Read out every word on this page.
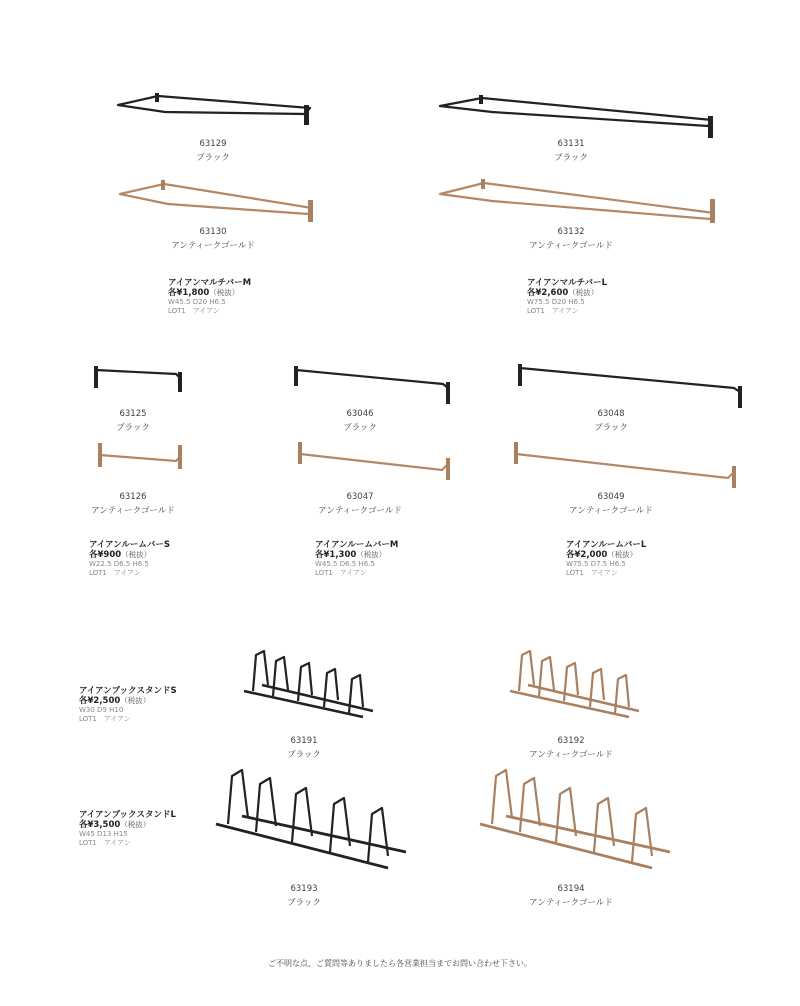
63129
ブラック
63131
ブラック
63130
アンティークゴールド
63132
アンティークゴールド
アイアンマルチバーM
各¥1,800（税抜）
W45.5 D20 H6.5
LOT1　アイアン
アイアンマルチバーL
各¥2,600（税抜）
W75.5 D20 H6.5
LOT1　アイアン
63125
ブラック
63046
ブラック
63048
ブラック
63126
アンティークゴールド
63047
アンティークゴールド
63049
アンティークゴールド
アイアンルームバーS
各¥900（税抜）
W22.5 D6.5 H6.5
LOT1　アイアン
アイアンルームバーM
各¥1,300（税抜）
W45.5 D6.5 H6.5
LOT1　アイアン
アイアンルームバーL
各¥2,000（税抜）
W75.5 D7.5 H6.5
LOT1　アイアン
アイアンブックスタンドS
各¥2,500（税抜）
W30 D9 H10
LOT1　アイアン
63191
ブラック
63192
アンティークゴールド
アイアンブックスタンドL
各¥3,500（税抜）
W45 D13 H15
LOT1　アイアン
63193
ブラック
63194
アンティークゴールド
ご不明な点、ご質問等ありましたら各営業担当までお問い合わせ下さい。
